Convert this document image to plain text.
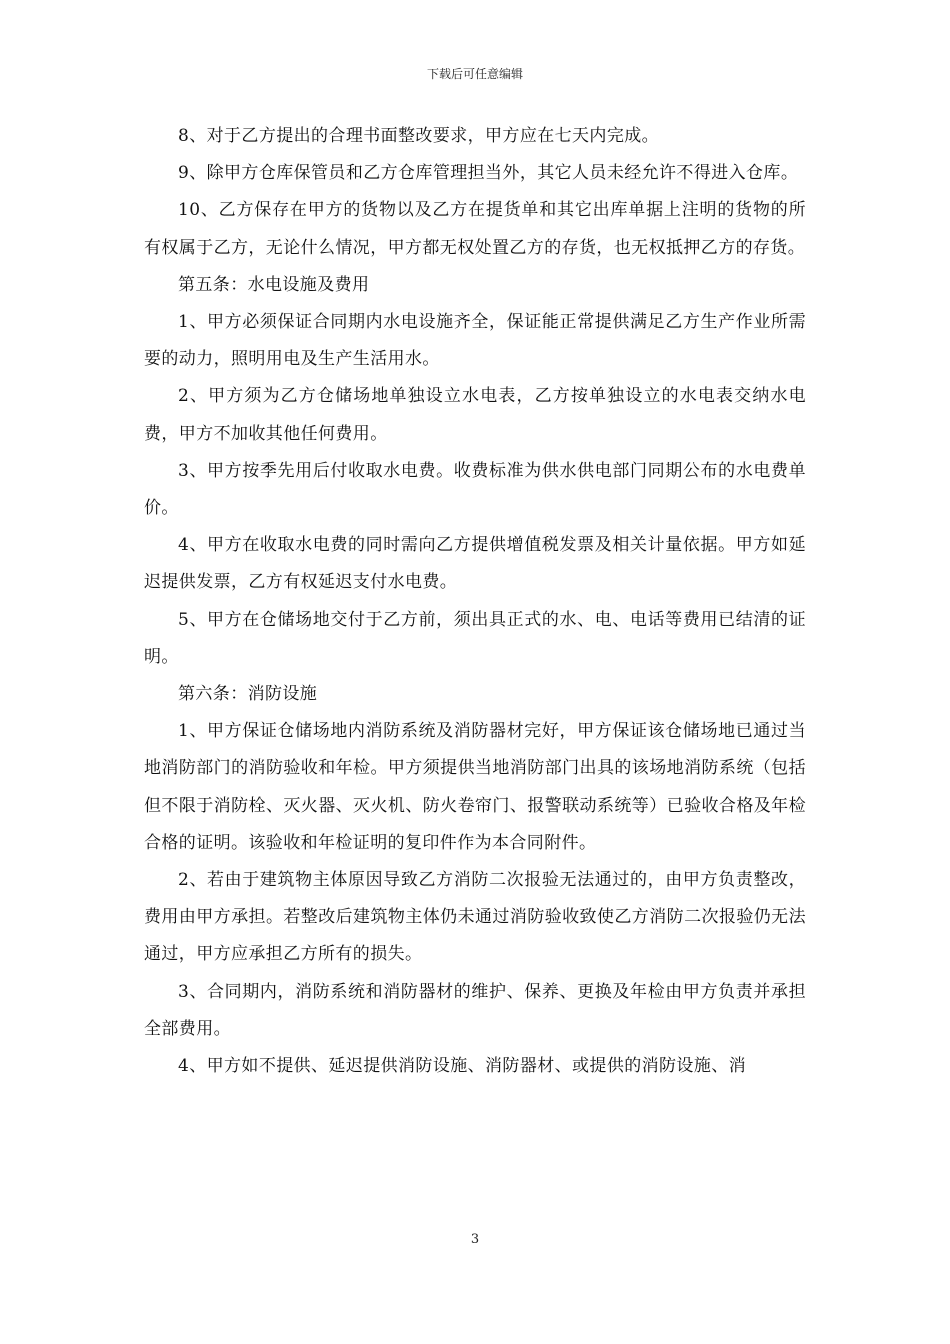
下载后可任意编辑

8、对于乙方提出的合理书面整改要求，甲方应在七天内完成。

9、除甲方仓库保管员和乙方仓库管理担当外，其它人员未经允许不得进入仓库。

10、乙方保存在甲方的货物以及乙方在提货单和其它出库单据上注明的货物的所有权属于乙方，无论什么情况，甲方都无权处置乙方的存货，也无权抵押乙方的存货。

第五条：水电设施及费用

1、甲方必须保证合同期内水电设施齐全，保证能正常提供满足乙方生产作业所需要的动力，照明用电及生产生活用水。

2、甲方须为乙方仓储场地单独设立水电表，乙方按单独设立的水电表交纳水电费，甲方不加收其他任何费用。

3、甲方按季先用后付收取水电费。收费标准为供水供电部门同期公布的水电费单价。

4、甲方在收取水电费的同时需向乙方提供增值税发票及相关计量依据。甲方如延迟提供发票，乙方有权延迟支付水电费。

5、甲方在仓储场地交付于乙方前，须出具正式的水、电、电话等费用已结清的证明。

第六条：消防设施

1、甲方保证仓储场地内消防系统及消防器材完好，甲方保证该仓储场地已通过当地消防部门的消防验收和年检。甲方须提供当地消防部门出具的该场地消防系统（包括但不限于消防栓、灭火器、灭火机、防火卷帘门、报警联动系统等）已验收合格及年检合格的证明。该验收和年检证明的复印件作为本合同附件。

2、若由于建筑物主体原因导致乙方消防二次报验无法通过的，由甲方负责整改，费用由甲方承担。若整改后建筑物主体仍未通过消防验收致使乙方消防二次报验仍无法通过，甲方应承担乙方所有的损失。

3、合同期内，消防系统和消防器材的维护、保养、更换及年检由甲方负责并承担全部费用。

4、甲方如不提供、延迟提供消防设施、消防器材、或提供的消防设施、消

3
